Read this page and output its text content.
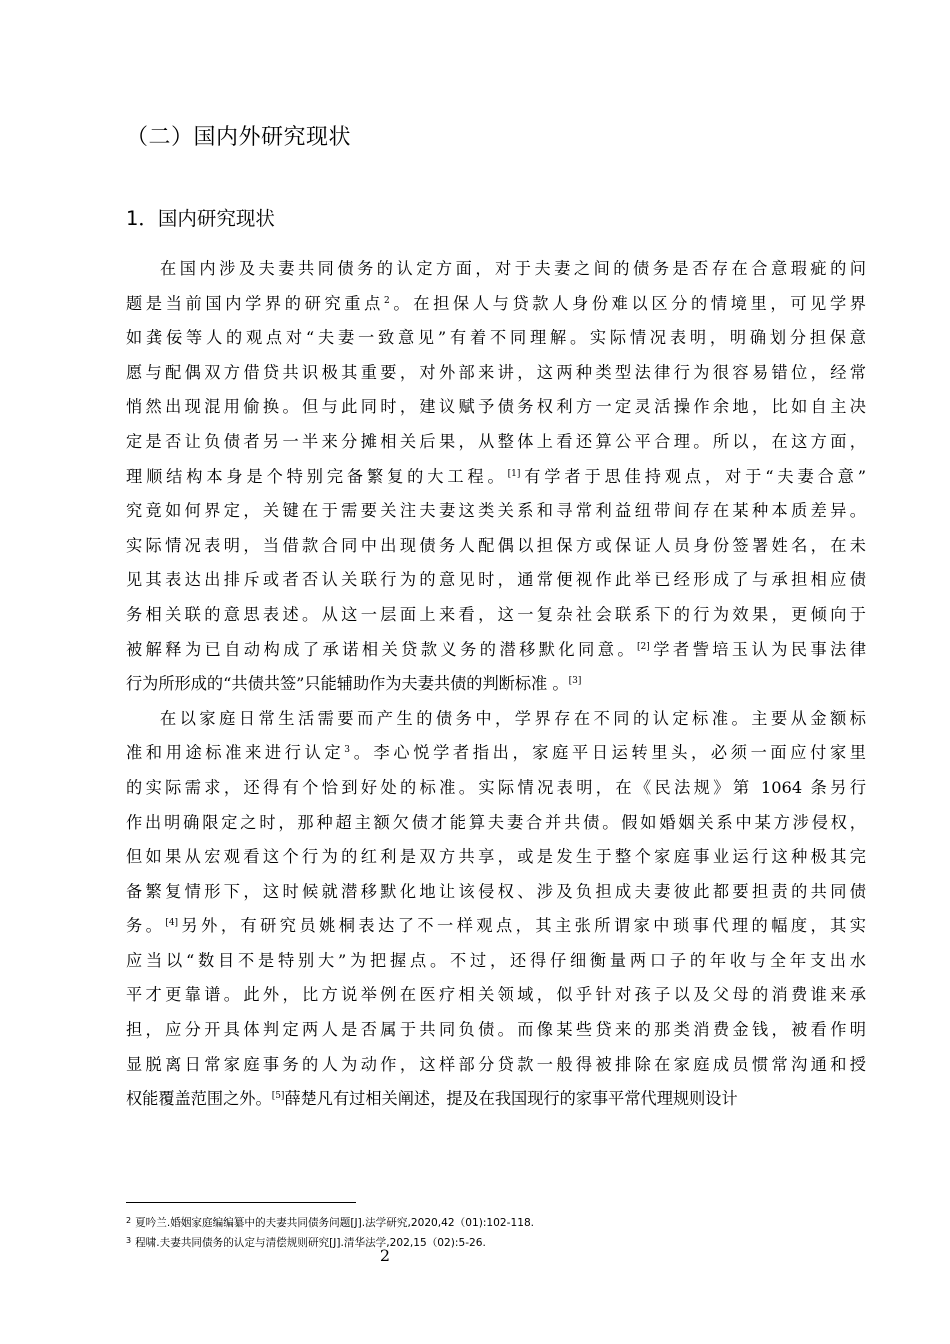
（二）国内外研究现状
1．国内研究现状
在国内涉及夫妻共同债务的认定方面，对于夫妻之间的债务是否存在合意瑕疵的问
题是当前国内学界的研究重点$^2$。在担保人与贷款人身份难以区分的情境里，可见学界
如龚佞等人的观点对“夫妻一致意见”有着不同理解。实际情况表明，明确划分担保意
愿与配偶双方借贷共识极其重要，对外部来讲，这两种类型法律行为很容易错位，经常
悄然出现混用偷换。但与此同时，建议赋予债务权利方一定灵活操作余地，比如自主决
定是否让负债者另一半来分摊相关后果，从整体上看还算公平合理。所以，在这方面，
理顺结构本身是个特别完备繁复的大工程。[1]有学者于思佳持观点，对于“夫妻合意”
究竟如何界定，关键在于需要关注夫妻这类关系和寻常利益纽带间存在某种本质差异。
实际情况表明，当借款合同中出现债务人配偶以担保方或保证人员身份签署姓名，在未
见其表达出排斥或者否认关联行为的意见时，通常便视作此举已经形成了与承担相应债
务相关联的意思表述。从这一层面上来看，这一复杂社会联系下的行为效果，更倾向于
被解释为已自动构成了承诺相关贷款义务的潜移默化同意。[2]学者訾培玉认为民事法律
行为所形成的“共债共签”只能辅助作为夫妻共债的判断标准 。[3]
在以家庭日常生活需要而产生的债务中，学界存在不同的认定标准。主要从金额标
准和用途标准来进行认定$^3$。李心悦学者指出，家庭平日运转里头，必须一面应付家里
的实际需求，还得有个恰到好处的标准。实际情况表明，在《民法规》第 1064 条另行
作出明确限定之时，那种超主额欠债才能算夫妻合并共债。假如婚姻关系中某方涉侵权，
但如果从宏观看这个行为的红利是双方共享，或是发生于整个家庭事业运行这种极其完
备繁复情形下，这时候就潜移默化地让该侵权、涉及负担成夫妻彼此都要担责的共同债
务。[4]另外，有研究员姚桐表达了不一样观点，其主张所谓家中琐事代理的幅度，其实
应当以“数目不是特别大”为把握点。不过，还得仔细衡量两口子的年收与全年支出水
平才更靠谱。此外，比方说举例在医疗相关领域，似乎针对孩子以及父母的消费谁来承
担，应分开具体判定两人是否属于共同负债。而像某些贷来的那类消费金钱，被看作明
显脱离日常家庭事务的人为动作，这样部分贷款一般得被排除在家庭成员惯常沟通和授
权能覆盖范围之外。[5]薛楚凡有过相关阐述，提及在我国现行的家事平常代理规则设计
$^2$ 夏吟兰.婚姻家庭编编纂中的夫妻共同债务问题[J].法学研究,2020,42（01):102-118.
$^3$ 程啸.夫妻共同债务的认定与清偿规则研究[J].清华法学,202,15（02):5-26.
2
